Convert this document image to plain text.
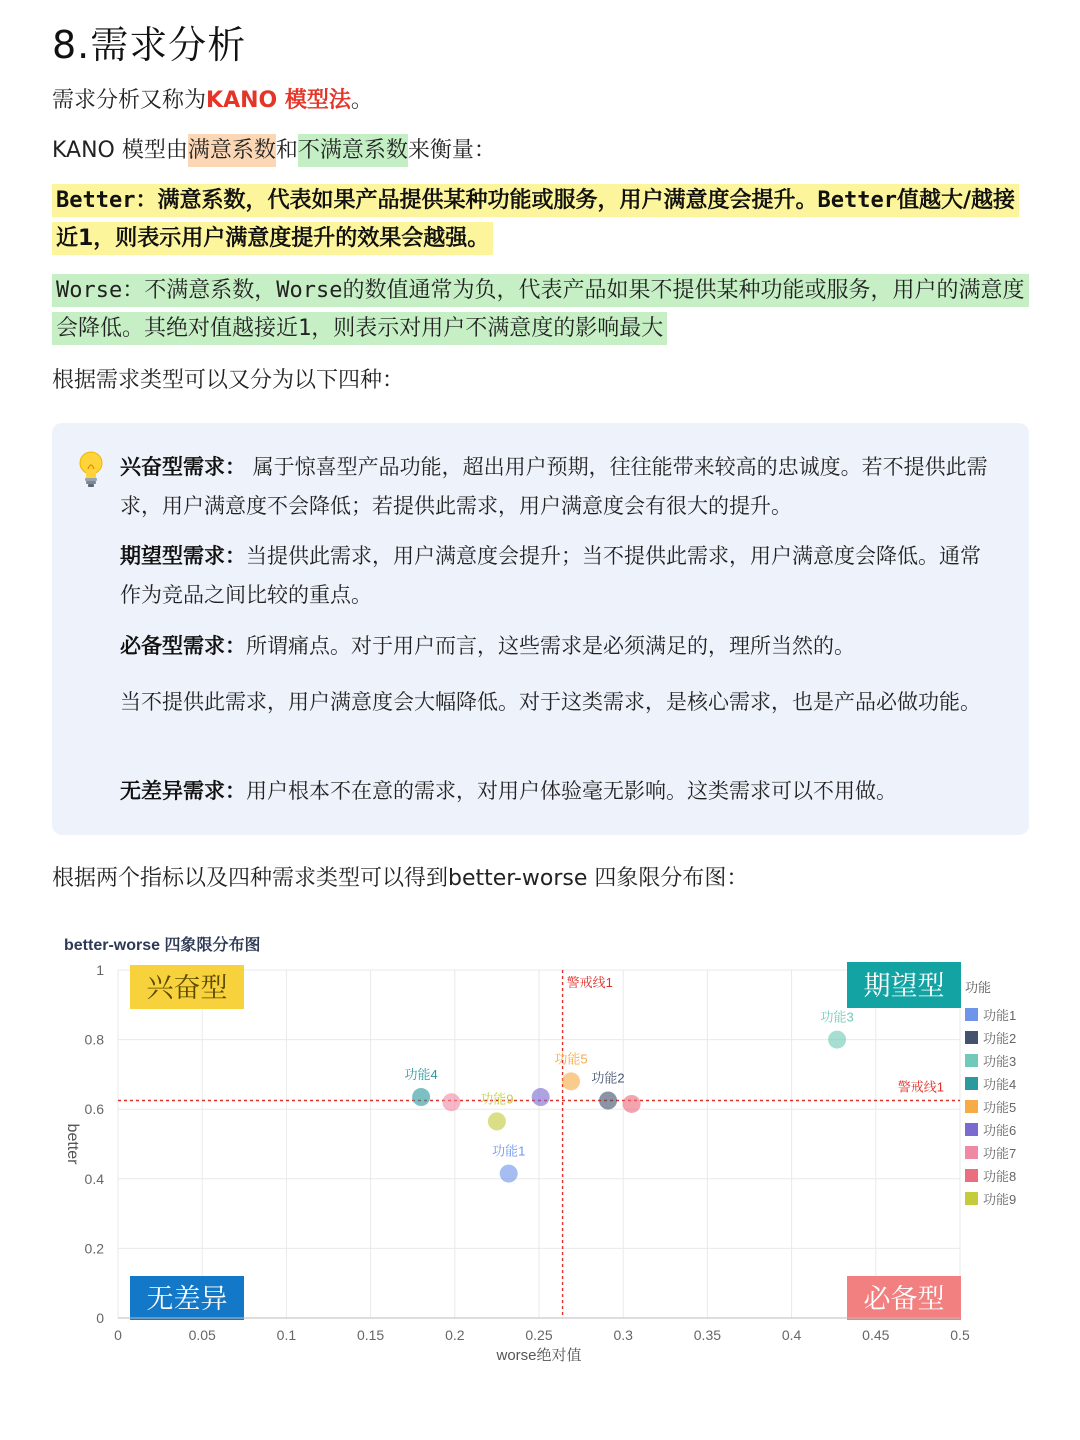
8.需求分析
需求分析又称为KANO 模型法。
KANO 模型由满意系数和不满意系数来衡量：
Better：满意系数，代表如果产品提供某种功能或服务，用户满意度会提升。Better值越大/越接近1，则表示用户满意度提升的效果会越强。
Worse：不满意系数，Worse的数值通常为负，代表产品如果不提供某种功能或服务，用户的满意度会降低。其绝对值越接近1，则表示对用户不满意度的影响最大
根据需求类型可以又分为以下四种：
兴奋型需求： 属于惊喜型产品功能，超出用户预期，往往能带来较高的忠诚度。若不提供此需求，用户满意度不会降低；若提供此需求，用户满意度会有很大的提升。
期望型需求：当提供此需求，用户满意度会提升；当不提供此需求，用户满意度会降低。通常作为竞品之间比较的重点。
必备型需求：所谓痛点。对于用户而言，这些需求是必须满足的，理所当然的。
当不提供此需求，用户满意度会大幅降低。对于这类需求，是核心需求，也是产品必做功能。
无差异需求：用户根本不在意的需求，对用户体验毫无影响。这类需求可以不用做。
根据两个指标以及四种需求类型可以得到better-worse 四象限分布图：
better-worse 四象限分布图
兴奋型	期望型
无差异	必备型
警戒线1
警戒线1
功能1
功能2
功能3
功能4
功能5
功能9
0	0.05	0.1	0.15	0.2	0.25	0.3	0.35	0.4	0.45	0.5
0
0.2
0.4
0.6
0.8
1
worse绝对值
better
功能
功能1
功能2
功能3
功能4
功能5
功能6
功能7
功能8
功能9
